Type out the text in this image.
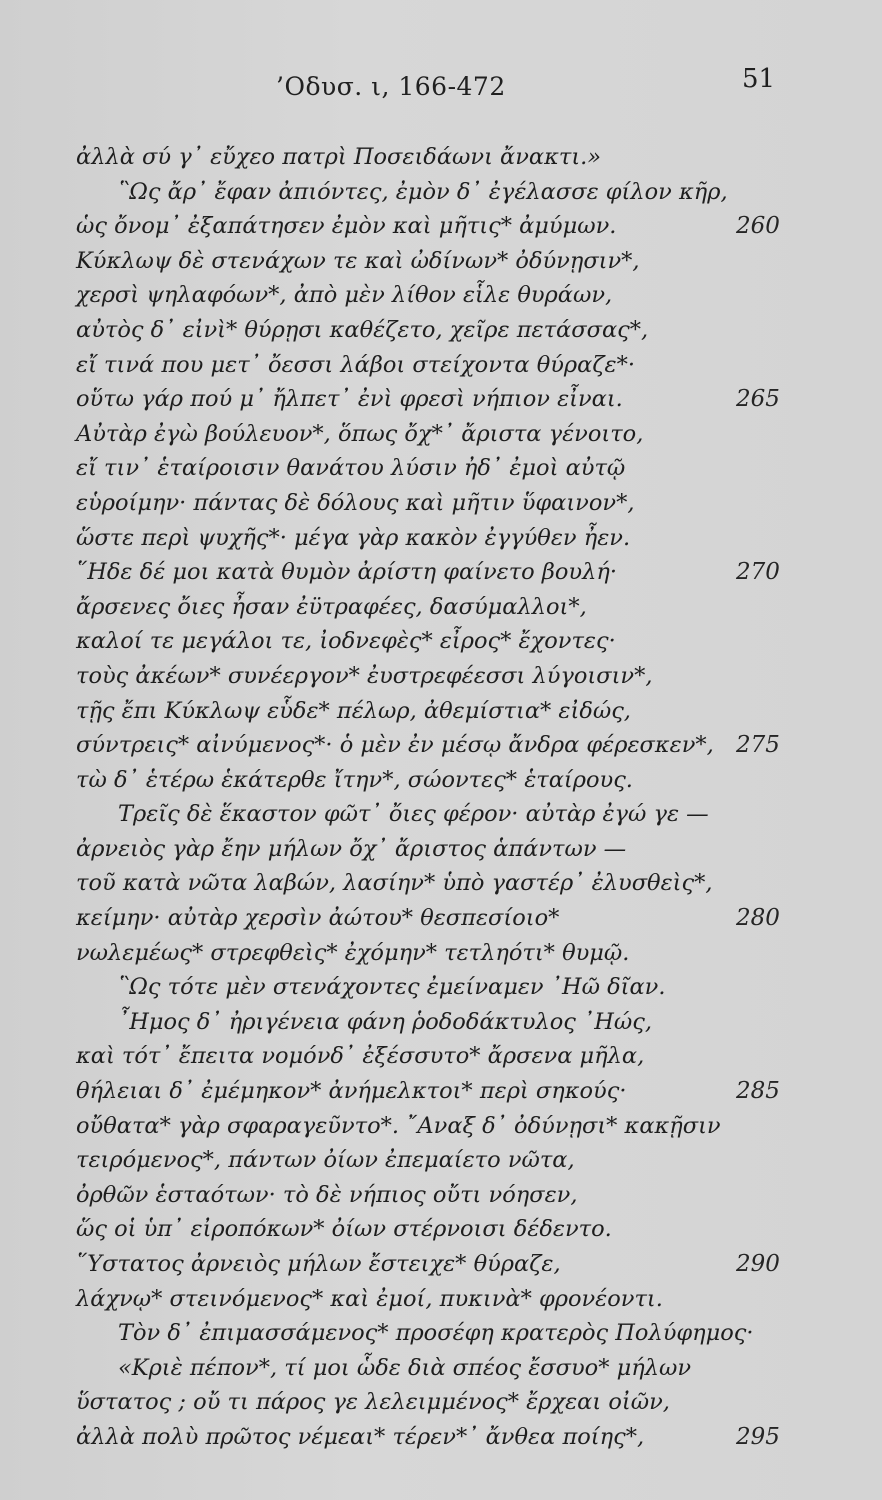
’Οδυσ. ι, 166-472	51
ἀλλὰ σύ γ᾽ εὔχεο πατρὶ Ποσειδάωνι ἄνακτι.»
῝Ως ἄρ᾽ ἔφαν ἀπιόντες, ἐμὸν δ᾽ ἐγέλασσε φίλον κῆρ,
ὡς ὄνομ᾽ ἐξαπάτησεν ἐμὸν καὶ μῆτις* ἀμύμων.	260
Κύκλωψ δὲ στενάχων τε καὶ ὠδίνων* ὀδύνῃσιν*,
χερσὶ ψηλαφόων*, ἀπὸ μὲν λίθον εἷλε θυράων,
αὐτὸς δ᾽ εἰνὶ* θύρῃσι καθέζετο, χεῖρε πετάσσας*,
εἴ τινά που μετ᾽ ὄεσσι λάβοι στείχοντα θύραζε*·
οὕτω γάρ πού μ᾽ ἤλπετ᾽ ἐνὶ φρεσὶ νήπιον εἶναι.	265
Αὐτὰρ ἐγὼ βούλευον*, ὅπως ὄχ*᾽ ἄριστα γένοιτο,
εἴ τιν᾽ ἑταίροισιν θανάτου λύσιν ἠδ᾽ ἐμοὶ αὐτῷ
εὑροίμην· πάντας δὲ δόλους καὶ μῆτιν ὕφαινον*,
ὥστε περὶ ψυχῆς*· μέγα γὰρ κακὸν ἐγγύθεν ἦεν.
῞Ηδε δέ μοι κατὰ θυμὸν ἀρίστη φαίνετο βουλή·	270
ἄρσενες ὄιες ἦσαν ἐϋτραφέες, δασύμαλλοι*,
καλοί τε μεγάλοι τε, ἰοδνεφὲς* εἶρος* ἔχοντες·
τοὺς ἀκέων* συνέεργον* ἐυστρεφέεσσι λύγοισιν*,
τῇς ἔπι Κύκλωψ εὗδε* πέλωρ, ἀθεμίστια* εἰδώς,
σύντρεις* αἰνύμενος*· ὁ μὲν ἐν μέσῳ ἄνδρα φέρεσκεν*, 275
τὼ δ᾽ ἑτέρω ἑκάτερθε ἴτην*, σώοντες* ἑταίρους.
Τρεῖς δὲ ἕκαστον φῶτ᾽ ὄιες φέρον· αὐτὰρ ἐγώ γε —
ἀρνειὸς γὰρ ἔην μήλων ὄχ᾽ ἄριστος ἁπάντων —
τοῦ κατὰ νῶτα λαβών, λασίην* ὑπὸ γαστέρ᾽ ἐλυσθεὶς*,
κείμην· αὐτὰρ χερσὶν ἀώτου* θεσπεσίοιο*	280
νωλεμέως* στρεφθεὶς* ἐχόμην* τετληότι* θυμῷ.
῝Ως τότε μὲν στενάχοντες ἐμείναμεν ᾽Ηῶ δῖαν.
῏Ημος δ᾽ ἠριγένεια φάνη ῥοδοδάκτυλος ᾽Ηώς,
καὶ τότ᾽ ἔπειτα νομόνδ᾽ ἐξέσσυτο* ἄρσενα μῆλα,
θήλειαι δ᾽ ἐμέμηκον* ἀνήμελκτοι* περὶ σηκούς·	285
οὔθατα* γὰρ σφαραγεῦντο*. ῎Αναξ δ᾽ ὀδύνῃσι* κακῇσιν
τειρόμενος*, πάντων ὀίων ἐπεμαίετο νῶτα,
ὀρθῶν ἑσταότων· τὸ δὲ νήπιος οὔτι νόησεν,
ὥς οἱ ὑπ᾽ εἰροπόκων* ὀίων στέρνοισι δέδεντο.
῞Υστατος ἀρνειὸς μήλων ἔστειχε* θύραζε,	290
λάχνῳ* στεινόμενος* καὶ ἐμοί, πυκινὰ* φρονέοντι.
Τὸν δ᾽ ἐπιμασσάμενος* προσέφη κρατερὸς Πολύφημος·
«Κριὲ πέπον*, τί μοι ὧδε διὰ σπέος ἔσσυο* μήλων
ὕστατος ; οὔ τι πάρος γε λελειμμένος* ἔρχεαι οἰῶν,
ἀλλὰ πολὺ πρῶτος νέμεαι* τέρεν*᾽ ἄνθεα ποίης*,	295
